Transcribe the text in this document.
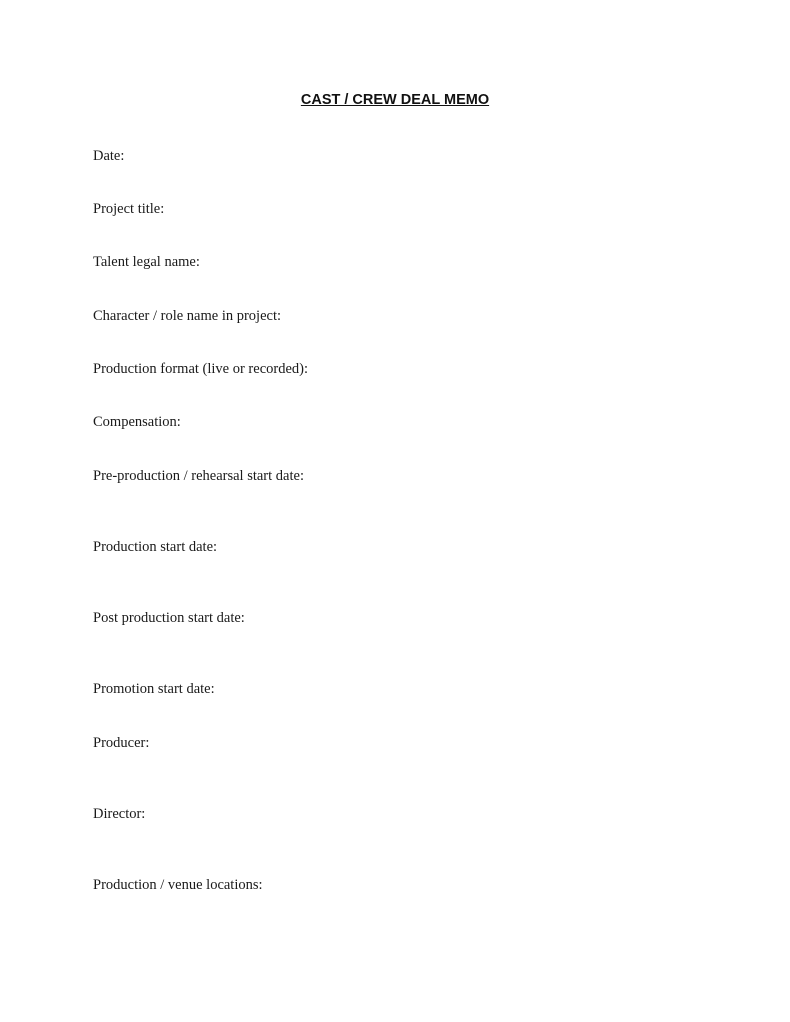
CAST / CREW DEAL MEMO
Date:
Project title:
Talent legal name:
Character / role name in project:
Production format (live or recorded):
Compensation:
Pre-production / rehearsal start date:
Production start date:
Post production start date:
Promotion start date:
Producer:
Director:
Production / venue locations:
